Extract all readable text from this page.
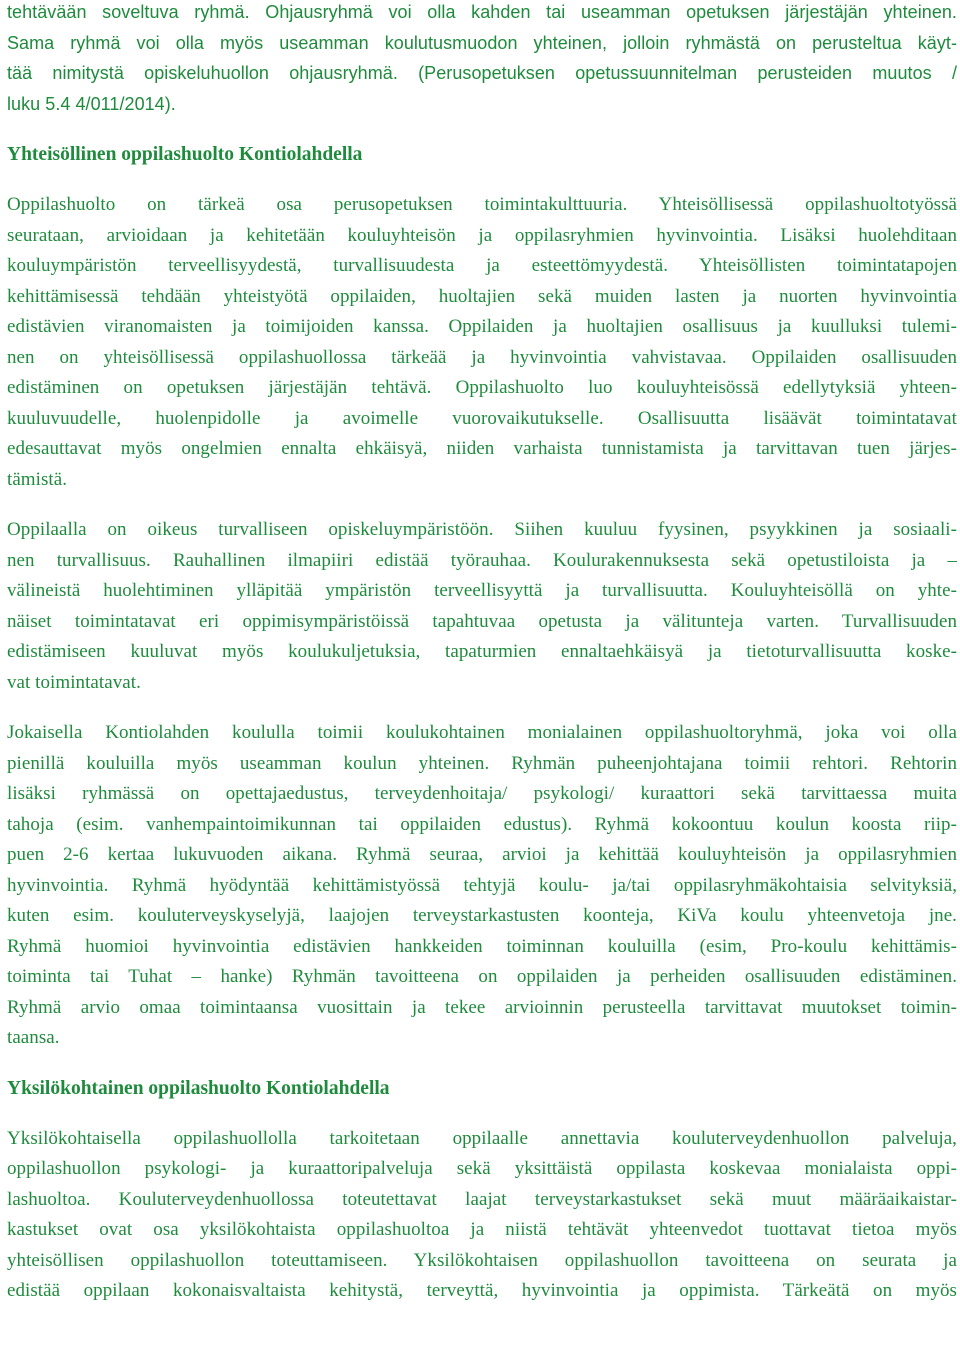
tehtävään soveltuva ryhmä. Ohjausryhmä voi olla kahden tai useamman opetuksen järjestäjän yhteinen.
Sama ryhmä voi olla myös useamman koulutusmuodon yhteinen, jolloin ryhmästä on perusteltua käyt-
tää nimitystä opiskeluhuollon ohjausryhmä. (Perusopetuksen opetussuunnitelman perusteiden muutos /
luku 5.4 4/011/2014).
Yhteisöllinen oppilashuolto Kontiolahdella
Oppilashuolto on tärkeä osa perusopetuksen toimintakulttuuria. Yhteisöllisessä oppilashuoltotyössä
seurataan, arvioidaan ja kehitetään kouluyhteisön ja oppilasryhmien hyvinvointia. Lisäksi huolehditaan
kouluympäristön terveellisyydestä, turvallisuudesta ja esteettömyydestä. Yhteisöllisten toimintatapojen
kehittämisessä tehdään yhteistyötä oppilaiden, huoltajien sekä muiden lasten ja nuorten hyvinvointia
edistävien viranomaisten ja toimijoiden kanssa. Oppilaiden ja huoltajien osallisuus ja kuulluksi tulemi-
nen on yhteisöllisessä oppilashuollossa tärkeää ja hyvinvointia vahvistavaa. Oppilaiden osallisuuden
edistäminen on opetuksen järjestäjän tehtävä. Oppilashuolto luo kouluyhteisössä edellytyksiä yhteen-
kuuluvuudelle, huolenpidolle ja avoimelle vuorovaikutukselle. Osallisuutta lisäävät toimintatavat
edesauttavat myös ongelmien ennalta ehkäisyä, niiden varhaista tunnistamista ja tarvittavan tuen järjes-
tämistä.
Oppilaalla on oikeus turvalliseen opiskeluympäristöön. Siihen kuuluu fyysinen, psyykkinen ja sosiaali-
nen turvallisuus. Rauhallinen ilmapiiri edistää työrauhaa. Koulurakennuksesta sekä opetustiloista ja –
välineistä huolehtiminen ylläpitää ympäristön terveellisyyttä ja turvallisuutta. Kouluyhteisöllä on yhte-
näiset toimintatavat eri oppimisympäristöissä tapahtuvaa opetusta ja välitunteja varten. Turvallisuuden
edistämiseen kuuluvat myös koulukuljetuksia, tapaturmien ennaltaehkäisyä ja tietoturvallisuutta koske-
vat toimintatavat.
Jokaisella Kontiolahden koululla toimii koulukohtainen monialainen oppilashuoltoryhmä, joka voi olla
pienillä kouluilla myös useamman koulun yhteinen. Ryhmän puheenjohtajana toimii rehtori. Rehtorin
lisäksi ryhmässä on opettajaedustus, terveydenhoitaja/ psykologi/ kuraattori sekä tarvittaessa muita
tahoja (esim. vanhempaintoimikunnan tai oppilaiden edustus). Ryhmä kokoontuu koulun koosta riip-
puen 2-6 kertaa lukuvuoden aikana. Ryhmä seuraa, arvioi ja kehittää kouluyhteisön ja oppilasryhmien
hyvinvointia. Ryhmä hyödyntää kehittämistyössä tehtyjä koulu- ja/tai oppilasryhmäkohtaisia selvityksiä,
kuten esim. kouluterveyskyselyjä, laajojen terveystarkastusten koonteja, KiVa koulu yhteenvetoja jne.
Ryhmä huomioi hyvinvointia edistävien hankkeiden toiminnan kouluilla (esim, Pro-koulu kehittämis-
toiminta tai Tuhat – hanke) Ryhmän tavoitteena on oppilaiden ja perheiden osallisuuden edistäminen.
Ryhmä arvio omaa toimintaansa vuosittain ja tekee arvioinnin perusteella tarvittavat muutokset toimin-
taansa.
Yksilökohtainen oppilashuolto Kontiolahdella
Yksilökohtaisella oppilashuollolla tarkoitetaan oppilaalle annettavia kouluterveydenhuollon palveluja,
oppilashuollon psykologi- ja kuraattoripalveluja sekä yksittäistä oppilasta koskevaa monialaista oppi-
lashuoltoa. Kouluterveydenhuollossa toteutettavat laajat terveystarkastukset sekä muut määräaikaistar-
kastukset ovat osa yksilökohtaista oppilashuoltoa ja niistä tehtävät yhteenvedot tuottavat tietoa myös
yhteisöllisen oppilashuollon toteuttamiseen. Yksilökohtaisen oppilashuollon tavoitteena on seurata ja
edistää oppilaan kokonaisvaltaista kehitystä, terveyttä, hyvinvointia ja oppimista. Tärkeätä on myös
